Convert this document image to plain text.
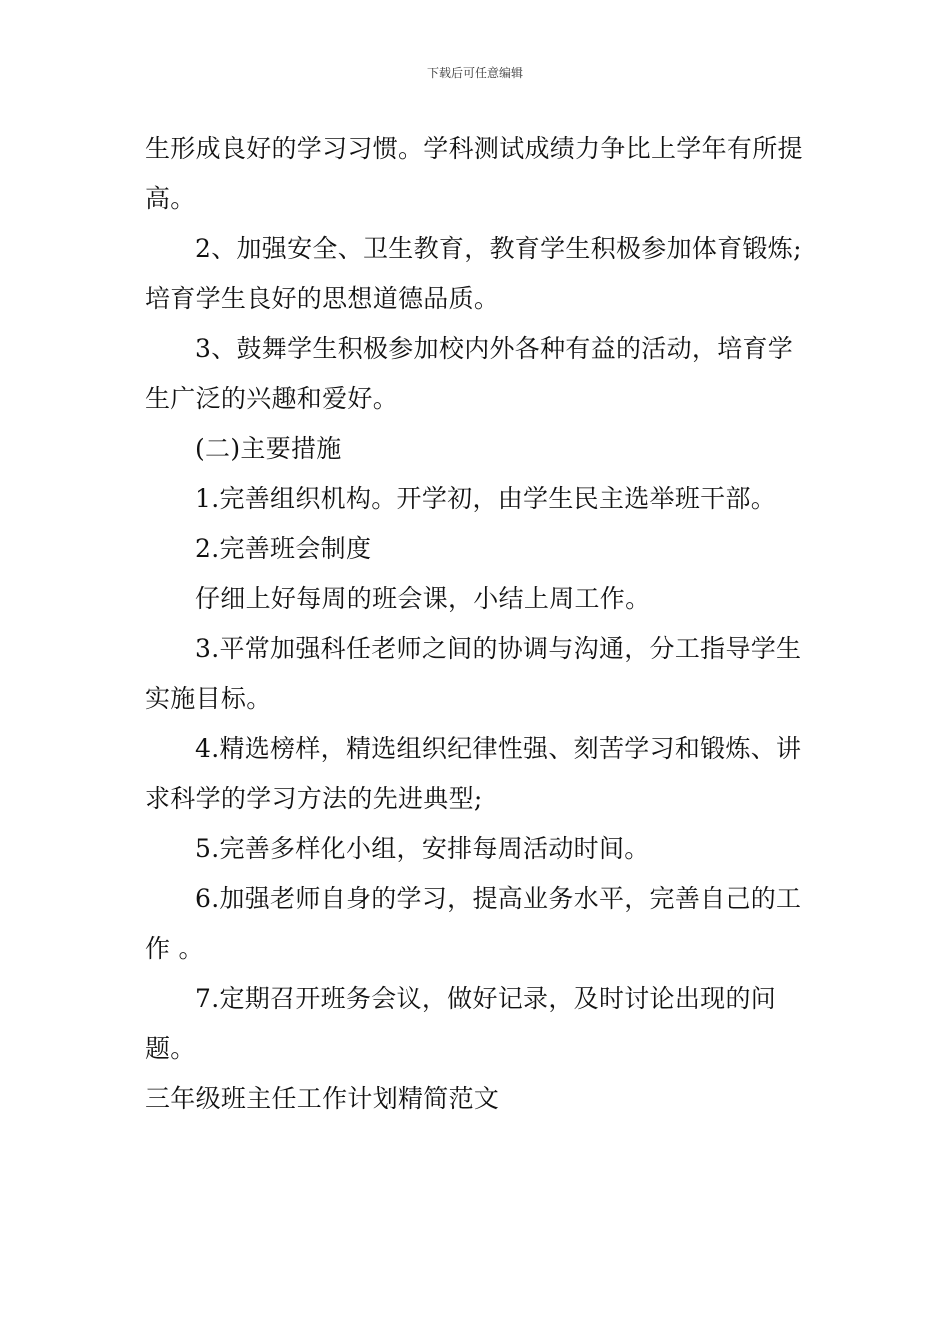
下载后可任意编辑

生形成良好的学习习惯。学科测试成绩力争比上学年有所提高。

2、加强安全、卫生教育，教育学生积极参加体育锻炼;培育学生良好的思想道德品质。

3、鼓舞学生积极参加校内外各种有益的活动，培育学生广泛的兴趣和爱好。

(二)主要措施

1.完善组织机构。开学初，由学生民主选举班干部。

2.完善班会制度

仔细上好每周的班会课，小结上周工作。

3.平常加强科任老师之间的协调与沟通，分工指导学生实施目标。

4.精选榜样，精选组织纪律性强、刻苦学习和锻炼、讲求科学的学习方法的先进典型;

5.完善多样化小组，安排每周活动时间。

6.加强老师自身的学习，提高业务水平，完善自己的工作 。

7.定期召开班务会议，做好记录，及时讨论出现的问题。

三年级班主任工作计划精简范文
